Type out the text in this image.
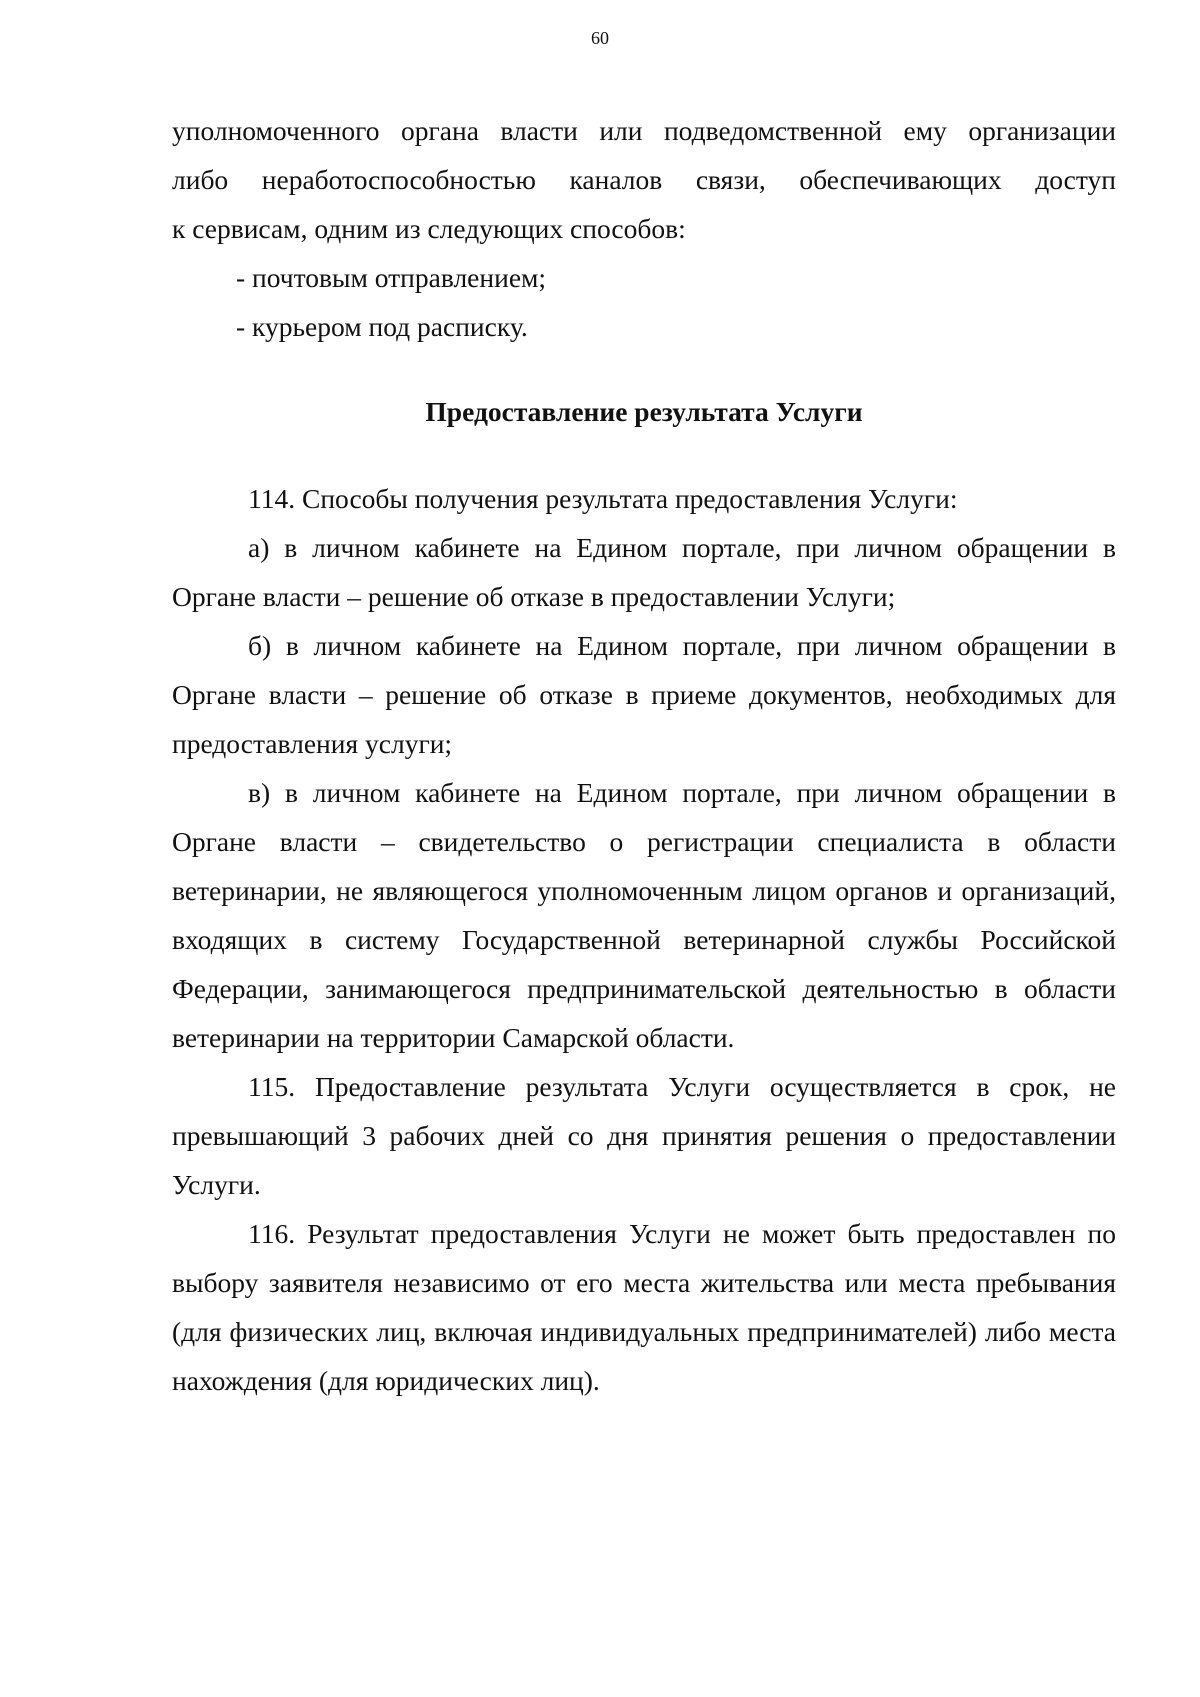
60

уполномоченного органа власти или подведомственной ему организации

либо неработоспособностью каналов связи, обеспечивающих доступ

к сервисам, одним из следующих способов:

- почтовым отправлением;

- курьером под расписку.

Предоставление результата Услуги

114. Способы получения результата предоставления Услуги:

а) в личном кабинете на Едином портале, при личном обращении в Органе власти – решение об отказе в предоставлении Услуги;

б) в личном кабинете на Едином портале, при личном обращении в Органе власти – решение об отказе в приеме документов, необходимых для предоставления услуги;

в) в личном кабинете на Едином портале, при личном обращении в Органе власти – свидетельство о регистрации специалиста в области ветеринарии, не являющегося уполномоченным лицом органов и организаций, входящих в систему Государственной ветеринарной службы Российской Федерации, занимающегося предпринимательской деятельностью в области ветеринарии на территории Самарской области.

115. Предоставление результата Услуги осуществляется в срок, не превышающий 3 рабочих дней со дня принятия решения о предоставлении Услуги.

116. Результат предоставления Услуги не может быть предоставлен по выбору заявителя независимо от его места жительства или места пребывания (для физических лиц, включая индивидуальных предпринимателей) либо места нахождения (для юридических лиц).
